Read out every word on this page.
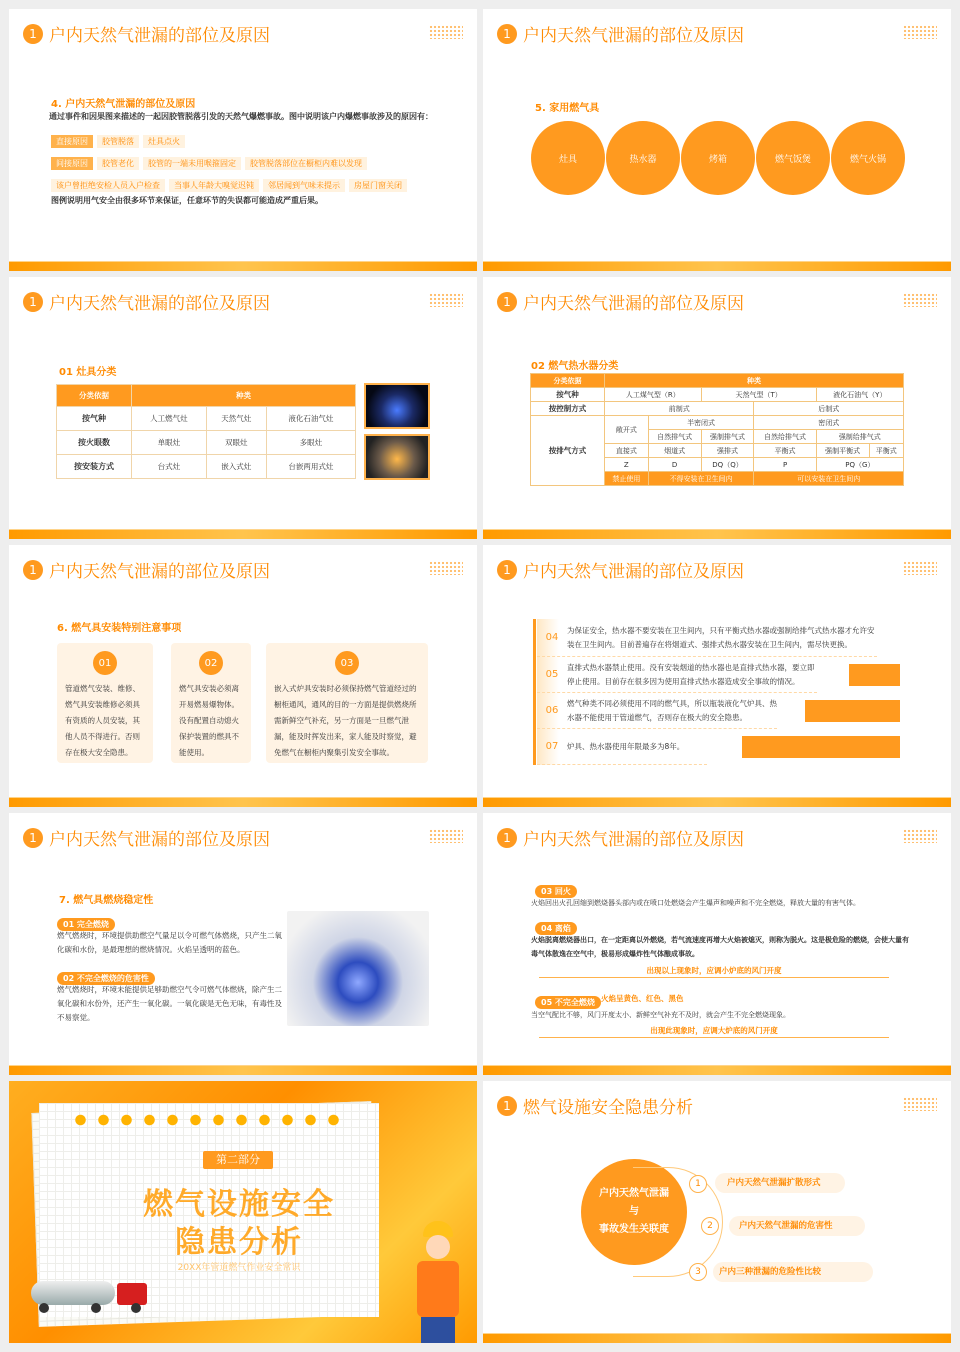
1 户内天然气泄漏的部位及原因
4. 户内天然气泄漏的部位及原因
通过事件和因果图来描述的一起因胶管脱落引发的天然气爆燃事故。图中说明该户内爆燃事故涉及的原因有：
直接原因 胶管脱落 灶具点火
间接原因 胶管老化 胶管的一端未用喉箍固定 胶管脱落部位在橱柜内难以发现
该户曾拒绝安检人员入户检查 当事人年龄大嗅觉迟钝 邻居闻到气味未提示 房屋门窗关闭
图例说明用气安全由很多环节来保证，任意环节的失误都可能造成严重后果。
1 户内天然气泄漏的部位及原因
5. 家用燃气具
灶具	热水器	烤箱	燃气饭煲	燃气火锅
1 户内天然气泄漏的部位及原因
01 灶具分类
分类依据	种类		
按气种	人工燃气灶	天然气灶	液化石油气灶
按火眼数	单眼灶	双眼灶	多眼灶
按安装方式	台式灶	嵌入式灶	台嵌两用式灶
1 户内天然气泄漏的部位及原因
02 燃气热水器分类
分类依据	种类					
按气种	人工煤气型（R）		天然气型（T）		液化石油气（Y）	
按控制方式	前制式			后制式		
按排气方式	敞开式	半密闭式		密闭式		
		自然排气式	强制排气式	自然给排气式	强制给排气式	
	直接式	烟道式	强排式	平衡式	强制平衡式	平衡式
	Z	D	DQ（Q）	P	PQ（G）	
	禁止使用	不得安装在卫生间内		可以安装在卫生间内		
1 户内天然气泄漏的部位及原因
6. 燃气具安装特别注意事项
01

管道燃气安装、维修、燃气具安装维修必须具有资质的人员安装，其他人员不得进行。否则存在极大安全隐患。

02

燃气具安装必须离开易燃易爆物体。没有配置自动熄火保护装置的燃具不能使用。

03

嵌入式炉具安装时必须保持燃气管道经过的橱柜通风，通风的目的一方面是提供燃烧所需新鲜空气补充，另一方面是一旦燃气泄漏，能及时挥发出来，家人能及时察觉，避免燃气在橱柜内聚集引发安全事故。

1 户内天然气泄漏的部位及原因
04
为保证安全，热水器不要安装在卫生间内，只有平衡式热水器或强制给排气式热水器才允许安装在卫生间内。目前普遍存在将烟道式、强排式热水器安装在卫生间内，需尽快更换。
05
直排式热水器禁止使用。没有安装烟道的热水器也是直排式热水器，要立即停止使用。目前存在很多因为使用直排式热水器造成安全事故的情况。
06
燃气种类不同必须使用不同的燃气具，所以瓶装液化气炉具、热水器不能使用于管道燃气，否则存在极大的安全隐患。
07	炉具、热水器使用年限最多为8年。
1 户内天然气泄漏的部位及原因
7. 燃气具燃烧稳定性
01 完全燃烧
燃气燃烧时，环境提供助燃空气量足以令可燃气体燃烧，只产生二氧化碳和水份，是最理想的燃烧情况。火焰呈透明的蓝色。
02 不完全燃烧的危害性
燃气燃烧时，环境未能提供足够助燃空气令可燃气体燃烧，除产生二氧化碳和水份外，还产生一氧化碳。一氧化碳是无色无味，有毒性及不易察觉。
1 户内天然气泄漏的部位及原因
03 回火
火焰回出火孔回缩到燃烧器头部内或在喷口处燃烧会产生爆声和噪声和不完全燃烧，释放大量的有害气体。
04 离焰
火焰脱离燃烧器出口，在一定距离以外燃烧，若气流速度再增大火焰被熄灭，则称为脱火。这是极危险的燃烧，会使大量有毒气体散逸在空气中，极易形成爆炸性气体酿成事故。
出现以上现象时，应调小炉底的风门开度
05 不完全燃烧 火焰呈黄色、红色、黑色
当空气配比不够，风门开度太小、新鲜空气补充不及时，就会产生不完全燃烧现象。
出现此现象时，应调大炉底的风门开度
第二部分
燃气设施安全
隐患分析
20XX年管道燃气作业安全常识
1 燃气设施安全隐患分析
户内天然气泄漏
与
事故发生关联度
1	户内天然气泄漏扩散形式
2	户内天然气泄漏的危害性
3	户内三种泄漏的危险性比较
